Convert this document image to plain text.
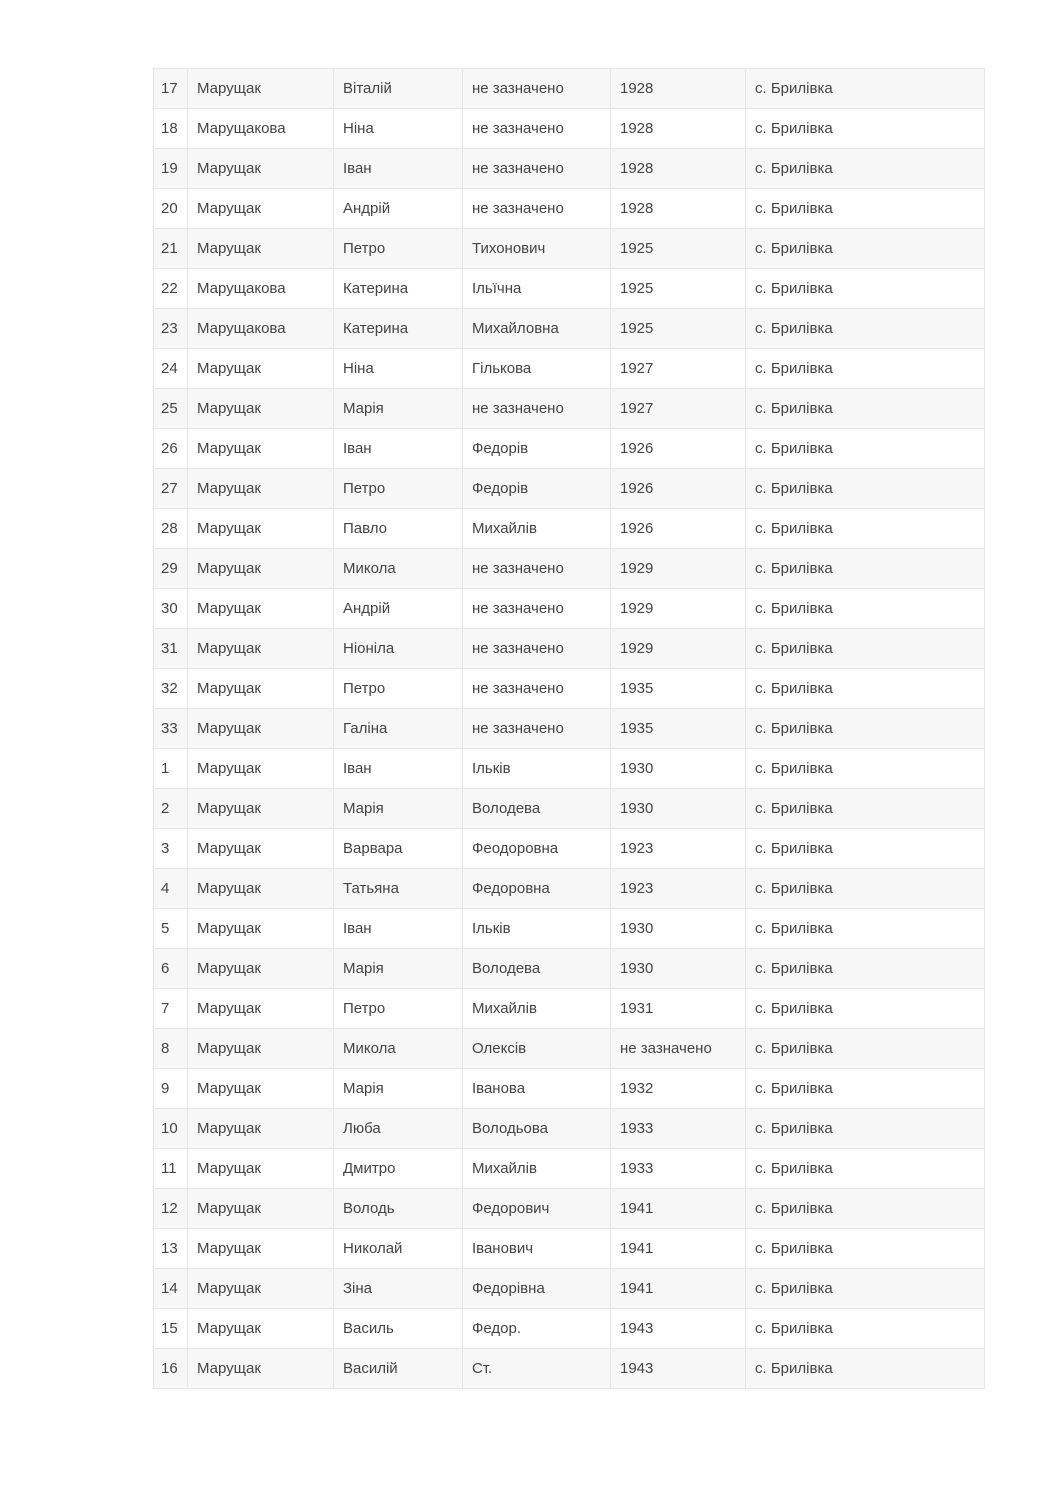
17	Марущак	Віталій	не зазначено	1928	с. Брилівка
18	Марущакова	Ніна	не зазначено	1928	с. Брилівка
19	Марущак	Іван	не зазначено	1928	с. Брилівка
20	Марущак	Андрій	не зазначено	1928	с. Брилівка
21	Марущак	Петро	Тихонович	1925	с. Брилівка
22	Марущакова	Катерина	Ільїчна	1925	с. Брилівка
23	Марущакова	Катерина	Михайловна	1925	с. Брилівка
24	Марущак	Ніна	Гількова	1927	с. Брилівка
25	Марущак	Марія	не зазначено	1927	с. Брилівка
26	Марущак	Іван	Федорів	1926	с. Брилівка
27	Марущак	Петро	Федорів	1926	с. Брилівка
28	Марущак	Павло	Михайлів	1926	с. Брилівка
29	Марущак	Микола	не зазначено	1929	с. Брилівка
30	Марущак	Андрій	не зазначено	1929	с. Брилівка
31	Марущак	Ніоніла	не зазначено	1929	с. Брилівка
32	Марущак	Петро	не зазначено	1935	с. Брилівка
33	Марущак	Галіна	не зазначено	1935	с. Брилівка
1	Марущак	Іван	Ільків	1930	с. Брилівка
2	Марущак	Марія	Володева	1930	с. Брилівка
3	Марущак	Варвара	Феодоровна	1923	с. Брилівка
4	Марущак	Татьяна	Федоровна	1923	с. Брилівка
5	Марущак	Іван	Ільків	1930	с. Брилівка
6	Марущак	Марія	Володева	1930	с. Брилівка
7	Марущак	Петро	Михайлів	1931	с. Брилівка
8	Марущак	Микола	Олексів	не зазначено	с. Брилівка
9	Марущак	Марія	Іванова	1932	с. Брилівка
10	Марущак	Люба	Володьова	1933	с. Брилівка
11	Марущак	Дмитро	Михайлів	1933	с. Брилівка
12	Марущак	Володь	Федорович	1941	с. Брилівка
13	Марущак	Николай	Іванович	1941	с. Брилівка
14	Марущак	Зіна	Федорівна	1941	с. Брилівка
15	Марущак	Василь	Федор.	1943	с. Брилівка
16	Марущак	Василій	Ст.	1943	с. Брилівка
